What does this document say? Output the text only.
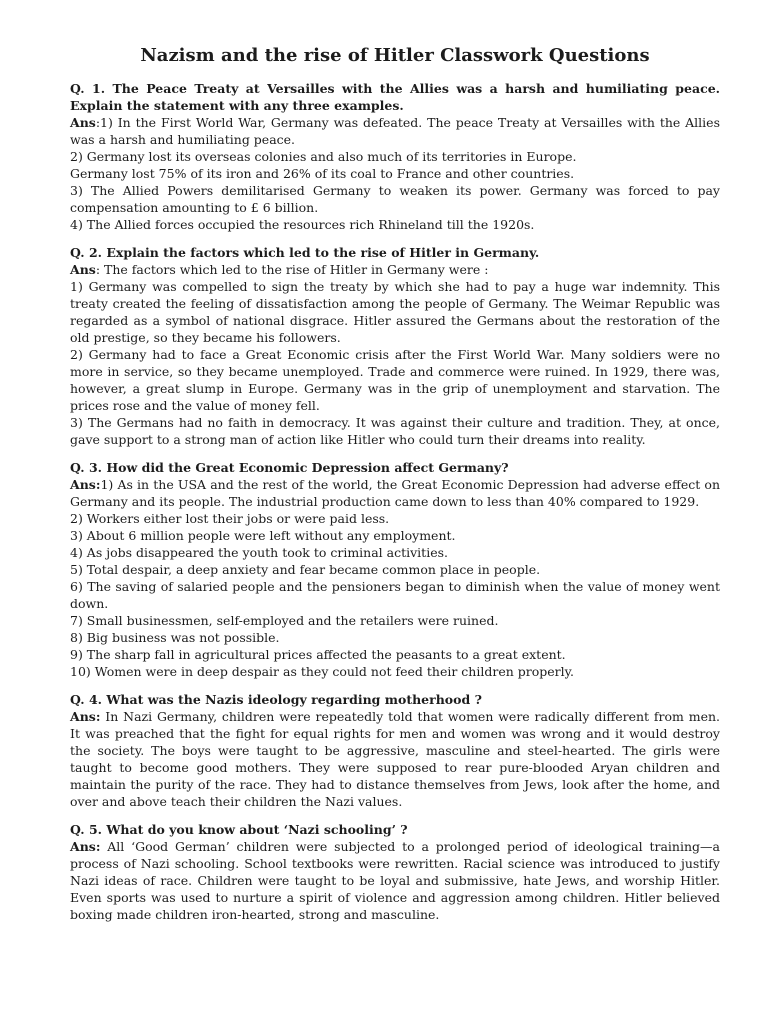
Nazism and the rise of Hitler Classwork Questions

Q. 1. The Peace Treaty at Versailles with the Allies was a harsh and humiliating peace. Explain the statement with any three examples.

Ans:1) In the First World War, Germany was defeated. The peace Treaty at Versailles with the Allies was a harsh and humiliating peace.

2) Germany lost its overseas colonies and also much of its territories in Europe.

Germany lost 75% of its iron and 26% of its coal to France and other countries.

3) The Allied Powers demilitarised Germany to weaken its power. Germany was forced to pay compensation amounting to £ 6 billion.

4) The Allied forces occupied the resources rich Rhineland till the 1920s.

Q. 2. Explain the factors which led to the rise of Hitler in Germany.

Ans: The factors which led to the rise of Hitler in Germany were :

1) Germany was compelled to sign the treaty by which she had to pay a huge war indemnity. This treaty created the feeling of dissatisfaction among the people of Germany. The Weimar Republic was regarded as a symbol of national disgrace. Hitler assured the Germans about the restoration of the old prestige, so they became his followers.

2) Germany had to face a Great Economic crisis after the First World War. Many soldiers were no more in service, so they became unemployed. Trade and commerce were ruined. In 1929, there was, however, a great slump in Europe. Germany was in the grip of unemployment and starvation. The prices rose and the value of money fell.

3) The Germans had no faith in democracy. It was against their culture and tradition. They, at once, gave support to a strong man of action like Hitler who could turn their dreams into reality.

Q. 3. How did the Great Economic Depression affect Germany?

Ans:1) As in the USA and the rest of the world, the Great Economic Depression had adverse effect on Germany and its people. The industrial production came down to less than 40% compared to 1929.

2) Workers either lost their jobs or were paid less.

3) About 6 million people were left without any employment.

4) As jobs disappeared the youth took to criminal activities.

5) Total despair, a deep anxiety and fear became common place in people.

6) The saving of salaried people and the pensioners began to diminish when the value of money went down.

7) Small businessmen, self-employed and the retailers were ruined.

8) Big business was not possible.

9) The sharp fall in agricultural prices affected the peasants to a great extent.

10) Women were in deep despair as they could not feed their children properly.

Q. 4. What was the Nazis ideology regarding motherhood ?

Ans: In Nazi Germany, children were repeatedly told that women were radically different from men. It was preached that the fight for equal rights for men and women was wrong and it would destroy the society. The boys were taught to be aggressive, masculine and steel-hearted. The girls were taught to become good mothers. They were supposed to rear pure-blooded Aryan children and maintain the purity of the race. They had to distance themselves from Jews, look after the home, and over and above teach their children the Nazi values.

Q. 5. What do you know about ‘Nazi schooling’ ?

Ans: All ‘Good German’ children were subjected to a prolonged period of ideological training—a process of Nazi schooling. School textbooks were rewritten. Racial science was introduced to justify Nazi ideas of race. Children were taught to be loyal and submissive, hate Jews, and worship Hitler. Even sports was used to nurture a spirit of violence and aggression among children. Hitler believed boxing made children iron-hearted, strong and masculine.
